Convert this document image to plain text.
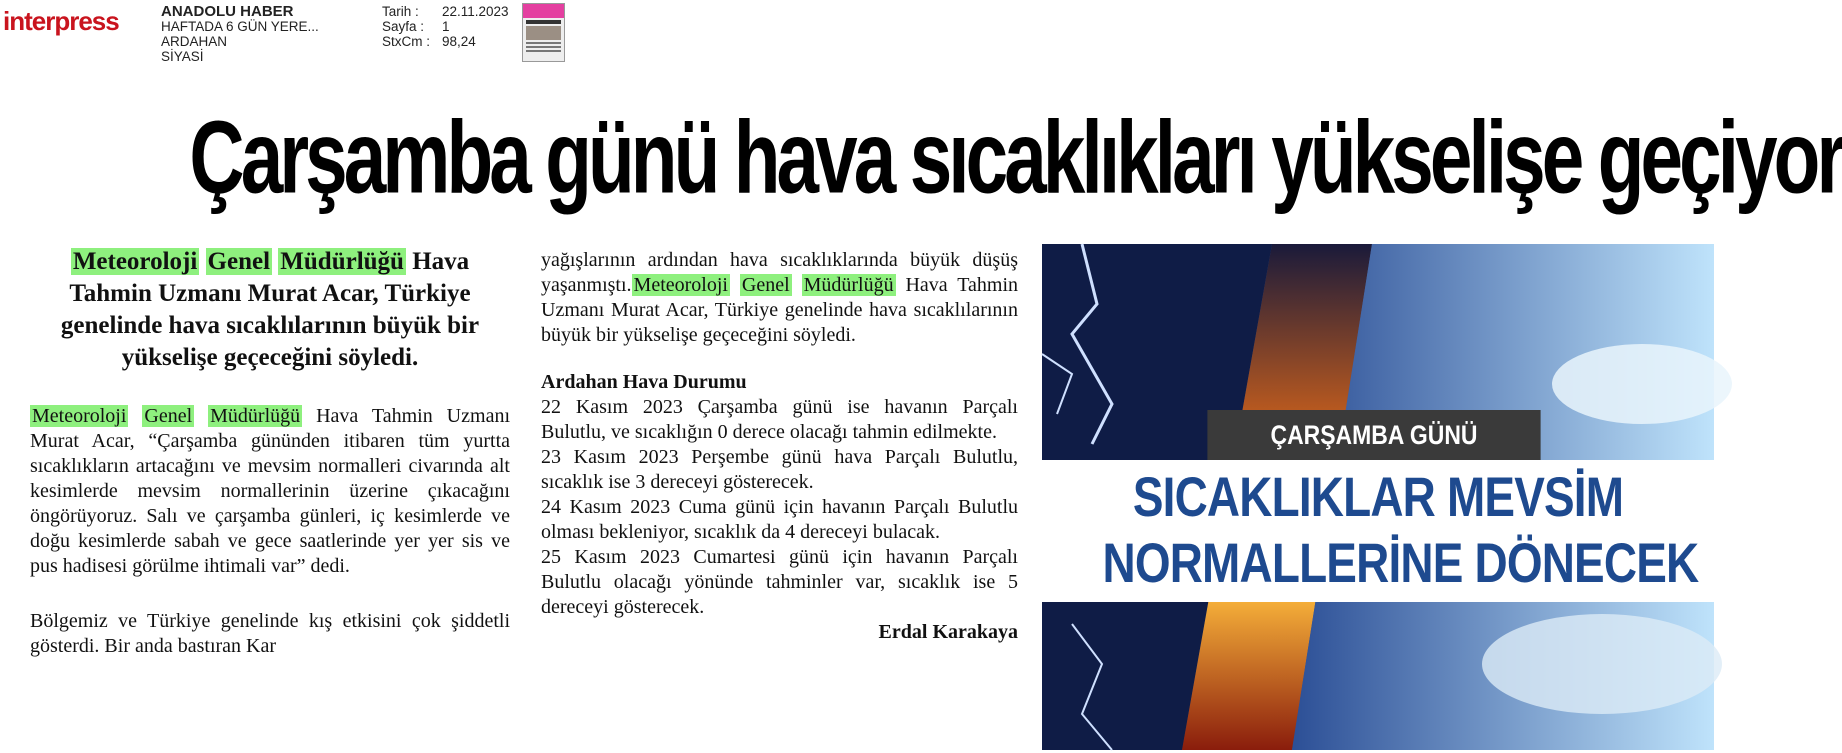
interpress	ANADOLU HABER
HAFTADA 6 GÜN YERE...
ARDAHAN
SİYASİ
Tarih :	22.11.2023
Sayfa :	1
StxCm : 98,24
Çarşamba günü hava sıcaklıkları yükselişe geçiyor

Meteoroloji Genel Müdürlüğü Hava Tahmin Uzmanı Murat Acar, Türkiye genelinde hava sıcaklılarının büyük bir yükselişe geçeceğini söyledi.

Meteoroloji Genel Müdürlüğü Hava Tahmin Uzmanı Murat Acar, “Çarşamba gününden itibaren tüm yurtta sıcaklıkların artacağını ve mevsim normalleri civarında alt kesimlerde mevsim normallerinin üzerine çıkacağını öngörüyoruz. Salı ve çarşamba günleri, iç kesimlerde ve doğu kesimlerde sabah ve gece saatlerinde yer yer sis ve pus hadisesi görülme ihtimali var” dedi.

Bölgemiz ve Türkiye genelinde kış etkisini çok şiddetli gösterdi. Bir anda bastıran Kar

yağışlarının ardından hava sıcaklıklarında büyük düşüş yaşanmıştı. Meteoroloji Genel Müdürlüğü Hava Tahmin Uzmanı Murat Acar, Türkiye genelinde hava sıcaklılarının büyük bir yükselişe geçeceğini söyledi.

Ardahan Hava Durumu

22 Kasım 2023 Çarşamba günü ise havanın Parçalı Bulutlu, ve sıcaklığın 0 derece olacağı tahmin edilmekte.

23 Kasım 2023 Perşembe günü hava Parçalı Bulutlu, sıcaklık ise 3 dereceyi gösterecek.

24 Kasım 2023 Cuma günü için havanın Parçalı Bulutlu olması bekleniyor, sıcaklık da 4 dereceyi bulacak.

25 Kasım 2023 Cumartesi günü için havanın Parçalı Bulutlu olacağı yönünde tahminler var, sıcaklık ise 5 dereceyi gösterecek.

Erdal Karakaya

ÇARŞAMBA GÜNÜ
SICAKLIKLAR MEVSİM
NORMALLERİNE DÖNECEK
